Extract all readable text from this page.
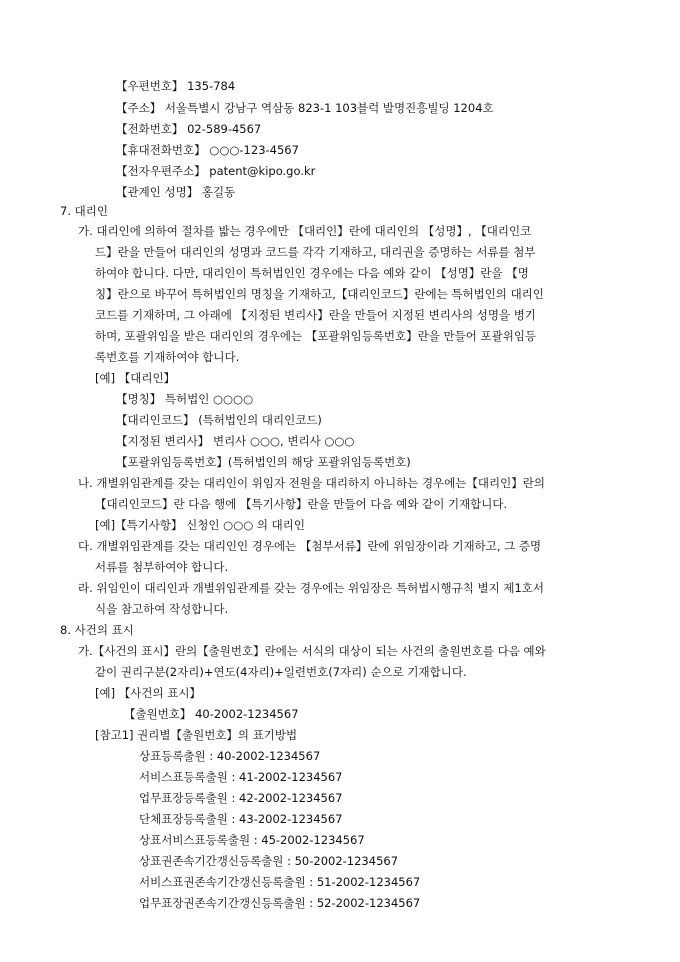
【우편번호】 135-784
【주소】 서울특별시 강남구 역삼동 823-1 103블럭 발명진흥빌딩 1204호
【전화번호】 02-589-4567
【휴대전화번호】 ○○○-123-4567
【전자우편주소】 patent@kipo.go.kr
【관계인 성명】 홍길동
7. 대리인
가. 대리인에 의하여 절차를 밟는 경우에만 【대리인】란에 대리인의 【성명】, 【대리인코
드】란을 만들어 대리인의 성명과 코드를 각각 기재하고, 대리권을 증명하는 서류를 첨부
하여야 합니다. 다만, 대리인이 특허법인인 경우에는 다음 예와 같이 【성명】란을 【명
칭】란으로 바꾸어 특허법인의 명칭을 기재하고,【대리인코드】란에는 특허법인의 대리인
코드를 기재하며, 그 아래에 【지정된 변리사】란을 만들어 지정된 변리사의 성명을 병기
하며, 포괄위임을 받은 대리인의 경우에는 【포괄위임등록번호】란을 만들어 포괄위임등
록번호를 기재하여야 합니다.
[예] 【대리인】
【명칭】 특허법인 ○○○○
【대리인코드】 (특허법인의 대리인코드)
【지정된 변리사】 변리사 ○○○, 변리사 ○○○
【포괄위임등록번호】(특허법인의 해당 포괄위임등록번호)
나. 개별위임관계를 갖는 대리인이 위임자 전원을 대리하지 아니하는 경우에는【대리인】란의
【대리인코드】란 다음 행에 【특기사항】란을 만들어 다음 예와 같이 기재합니다.
[예]【특기사항】 신청인 ○○○ 의 대리인
다. 개별위임관계를 갖는 대리인인 경우에는 【첨부서류】란에 위임장이라 기재하고, 그 증명
서류를 첨부하여야 합니다.
라. 위임인이 대리인과 개별위임관계를 갖는 경우에는 위임장은 특허법시행규칙 별지 제1호서
식을 참고하여 작성합니다.
8. 사건의 표시
가.【사건의 표시】란의【출원번호】란에는 서식의 대상이 되는 사건의 출원번호를 다음 예와
같이 권리구분(2자리)+연도(4자리)+일련번호(7자리) 순으로 기재합니다.
[예] 【사건의 표시】
【출원번호】 40-2002-1234567
[참고1] 권리별【출원번호】의 표기방법
상표등록출원 : 40-2002-1234567
서비스표등록출원 : 41-2002-1234567
업무표장등록출원 : 42-2002-1234567
단체표장등록출원 : 43-2002-1234567
상표서비스표등록출원 : 45-2002-1234567
상표권존속기간갱신등록출원 : 50-2002-1234567
서비스표권존속기간갱신등록출원 : 51-2002-1234567
업무표장권존속기간갱신등록출원 : 52-2002-1234567
